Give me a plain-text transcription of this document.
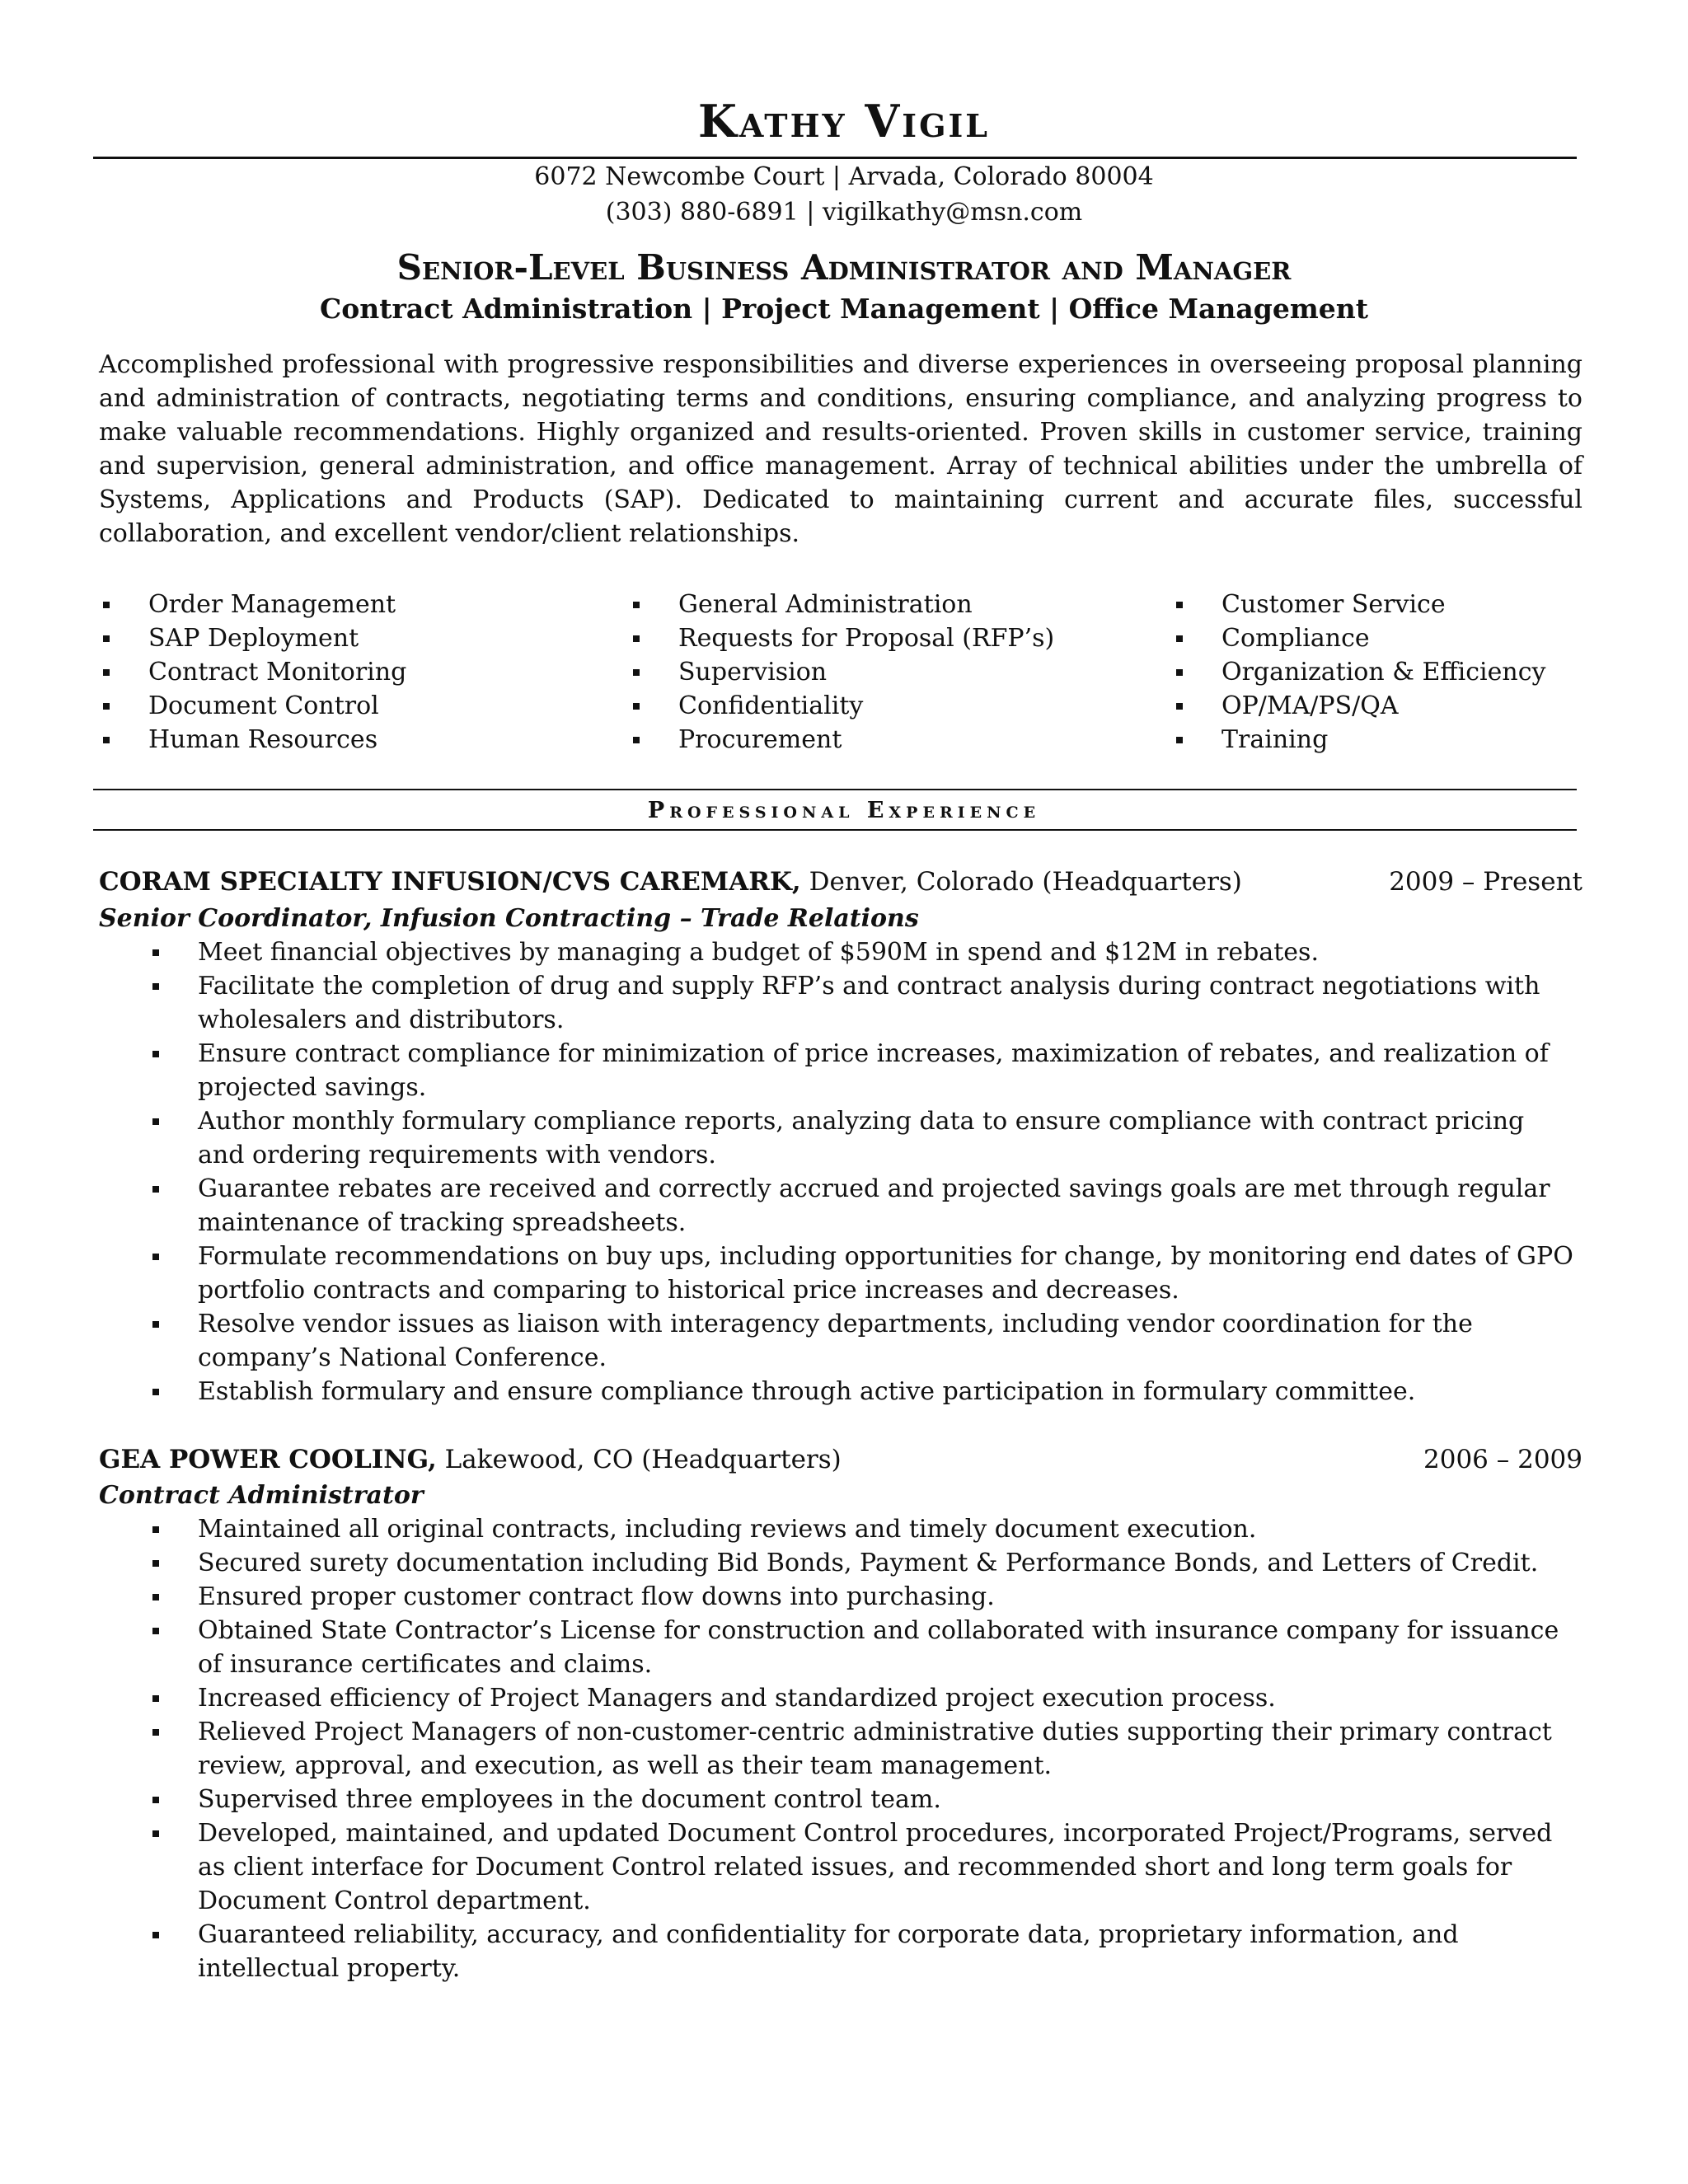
Kathy Vigil
6072 Newcombe Court | Arvada, Colorado 80004
(303) 880-6891 | vigilkathy@msn.com
Senior-Level Business Administrator and Manager
Contract Administration | Project Management | Office Management

Accomplished professional with progressive responsibilities and diverse experiences in overseeing proposal planning and administration of contracts, negotiating terms and conditions, ensuring compliance, and analyzing progress to make valuable recommendations. Highly organized and results-oriented. Proven skills in customer service, training and supervision, general administration, and office management. Array of technical abilities under the umbrella of Systems, Applications and Products (SAP). Dedicated to maintaining current and accurate files, successful collaboration, and excellent vendor/client relationships.

Order Management
SAP Deployment
Contract Monitoring
Document Control
Human Resources
General Administration
Requests for Proposal (RFP’s)
Supervision
Confidentiality
Procurement
Customer Service
Compliance
Organization & Efficiency
OP/MA/PS/QA
Training
Professional Experience
CORAM SPECIALTY INFUSION/CVS CAREMARK, Denver, Colorado (Headquarters)	2009 – Present
Senior Coordinator, Infusion Contracting – Trade Relations
Meet financial objectives by managing a budget of $590M in spend and $12M in rebates.
Facilitate the completion of drug and supply RFP’s and contract analysis during contract negotiations with wholesalers and distributors.
Ensure contract compliance for minimization of price increases, maximization of rebates, and realization of projected savings.
Author monthly formulary compliance reports, analyzing data to ensure compliance with contract pricing and ordering requirements with vendors.
Guarantee rebates are received and correctly accrued and projected savings goals are met through regular maintenance of tracking spreadsheets.
Formulate recommendations on buy ups, including opportunities for change, by monitoring end dates of GPO portfolio contracts and comparing to historical price increases and decreases.
Resolve vendor issues as liaison with interagency departments, including vendor coordination for the company’s National Conference.
Establish formulary and ensure compliance through active participation in formulary committee.
GEA POWER COOLING, Lakewood, CO (Headquarters)	2006 – 2009
Contract Administrator
Maintained all original contracts, including reviews and timely document execution.
Secured surety documentation including Bid Bonds, Payment & Performance Bonds, and Letters of Credit.
Ensured proper customer contract flow downs into purchasing.
Obtained State Contractor’s License for construction and collaborated with insurance company for issuance of insurance certificates and claims.
Increased efficiency of Project Managers and standardized project execution process.
Relieved Project Managers of non-customer-centric administrative duties supporting their primary contract review, approval, and execution, as well as their team management.
Supervised three employees in the document control team.
Developed, maintained, and updated Document Control procedures, incorporated Project/Programs, served as client interface for Document Control related issues, and recommended short and long term goals for Document Control department.
Guaranteed reliability, accuracy, and confidentiality for corporate data, proprietary information, and intellectual property.
